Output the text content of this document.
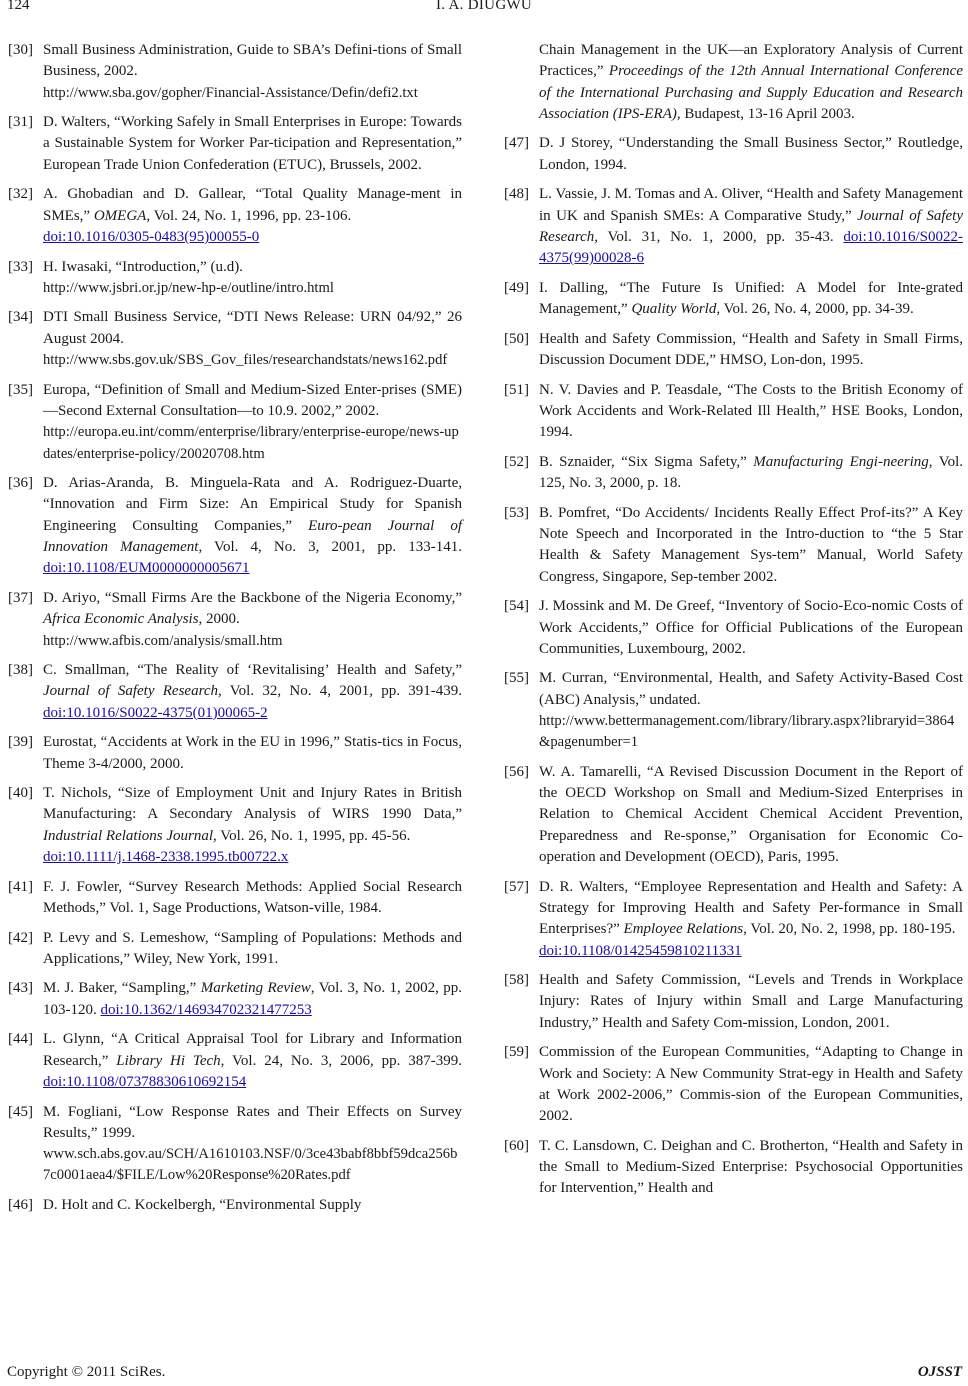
124	I. A. DIUGWU
[30] Small Business Administration, Guide to SBA’s Defini-tions of Small Business, 2002.
http://www.sba.gov/gopher/Financial-Assistance/Defin/defi2.txt
[31] D. Walters, “Working Safely in Small Enterprises in Europe: Towards a Sustainable System for Worker Par-ticipation and Representation,” European Trade Union Confederation (ETUC), Brussels, 2002.
[32] A. Ghobadian and D. Gallear, “Total Quality Manage-ment in SMEs,” OMEGA, Vol. 24, No. 1, 1996, pp. 23-106.
doi:10.1016/0305-0483(95)00055-0
[33] H. Iwasaki, “Introduction,” (u.d).
http://www.jsbri.or.jp/new-hp-e/outline/intro.html
[34] DTI Small Business Service, “DTI News Release: URN 04/92,” 26 August 2004.
http://www.sbs.gov.uk/SBS_Gov_files/researchandstats/news162.pdf
[35] Europa, “Definition of Small and Medium-Sized Enter-prises (SME)—Second External Consultation—to 10.9. 2002,” 2002.
http://europa.eu.int/comm/enterprise/library/enterprise-europe/news-updates/enterprise-policy/20020708.htm
[36] D. Arias-Aranda, B. Minguela-Rata and A. Rodriguez-Duarte, “Innovation and Firm Size: An Empirical Study for Spanish Engineering Consulting Companies,” Euro-pean Journal of Innovation Management, Vol. 4, No. 3, 2001, pp. 133-141. doi:10.1108/EUM0000000005671
[37] D. Ariyo, “Small Firms Are the Backbone of the Nigeria Economy,” Africa Economic Analysis, 2000.
http://www.afbis.com/analysis/small.htm
[38] C. Smallman, “The Reality of ‘Revitalising’ Health and Safety,” Journal of Safety Research, Vol. 32, No. 4, 2001, pp. 391-439. doi:10.1016/S0022-4375(01)00065-2
[39] Eurostat, “Accidents at Work in the EU in 1996,” Statis-tics in Focus, Theme 3-4/2000, 2000.
[40] T. Nichols, “Size of Employment Unit and Injury Rates in British Manufacturing: A Secondary Analysis of WIRS 1990 Data,” Industrial Relations Journal, Vol. 26, No. 1, 1995, pp. 45-56.
doi:10.1111/j.1468-2338.1995.tb00722.x
[41] F. J. Fowler, “Survey Research Methods: Applied Social Research Methods,” Vol. 1, Sage Productions, Watson-ville, 1984.
[42] P. Levy and S. Lemeshow, “Sampling of Populations: Methods and Applications,” Wiley, New York, 1991.
[43] M. J. Baker, “Sampling,” Marketing Review, Vol. 3, No. 1, 2002, pp. 103-120. doi:10.1362/146934702321477253
[44] L. Glynn, “A Critical Appraisal Tool for Library and Information Research,” Library Hi Tech, Vol. 24, No. 3, 2006, pp. 387-399. doi:10.1108/07378830610692154
[45] M. Fogliani, “Low Response Rates and Their Effects on Survey Results,” 1999.
www.sch.abs.gov.au/SCH/A1610103.NSF/0/3ce43babf8bbf59dca256b7c0001aea4/$FILE/Low%20Response%20Rates.pdf
[46] D. Holt and C. Kockelbergh, “Environmental Supply
Chain Management in the UK—an Exploratory Analysis of Current Practices,” Proceedings of the 12th Annual International Conference of the International Purchasing and Supply Education and Research Association (IPS-ERA), Budapest, 13-16 April 2003.
[47] D. J Storey, “Understanding the Small Business Sector,” Routledge, London, 1994.
[48] L. Vassie, J. M. Tomas and A. Oliver, “Health and Safety Management in UK and Spanish SMEs: A Comparative Study,” Journal of Safety Research, Vol. 31, No. 1, 2000, pp. 35-43. doi:10.1016/S0022-4375(99)00028-6
[49] I. Dalling, “The Future Is Unified: A Model for Inte-grated Management,” Quality World, Vol. 26, No. 4, 2000, pp. 34-39.
[50] Health and Safety Commission, “Health and Safety in Small Firms, Discussion Document DDE,” HMSO, Lon-don, 1995.
[51] N. V. Davies and P. Teasdale, “The Costs to the British Economy of Work Accidents and Work-Related Ill Health,” HSE Books, London, 1994.
[52] B. Sznaider, “Six Sigma Safety,” Manufacturing Engi-neering, Vol. 125, No. 3, 2000, p. 18.
[53] B. Pomfret, “Do Accidents/ Incidents Really Effect Prof-its?” A Key Note Speech and Incorporated in the Intro-duction to “the 5 Star Health & Safety Management Sys-tem” Manual, World Safety Congress, Singapore, Sep-tember 2002.
[54] J. Mossink and M. De Greef, “Inventory of Socio-Eco-nomic Costs of Work Accidents,” Office for Official Publications of the European Communities, Luxembourg, 2002.
[55] M. Curran, “Environmental, Health, and Safety Activity-Based Cost (ABC) Analysis,” undated.
http://www.bettermanagement.com/library/library.aspx?libraryid=3864&pagenumber=1
[56] W. A. Tamarelli, “A Revised Discussion Document in the Report of the OECD Workshop on Small and Medium-Sized Enterprises in Relation to Chemical Accident Chemical Accident Prevention, Preparedness and Re-sponse,” Organisation for Economic Co-operation and Development (OECD), Paris, 1995.
[57] D. R. Walters, “Employee Representation and Health and Safety: A Strategy for Improving Health and Safety Per-formance in Small Enterprises?” Employee Relations, Vol. 20, No. 2, 1998, pp. 180-195.
doi:10.1108/01425459810211331
[58] Health and Safety Commission, “Levels and Trends in Workplace Injury: Rates of Injury within Small and Large Manufacturing Industry,” Health and Safety Com-mission, London, 2001.
[59] Commission of the European Communities, “Adapting to Change in Work and Society: A New Community Strat-egy in Health and Safety at Work 2002-2006,” Commis-sion of the European Communities, 2002.
[60] T. C. Lansdown, C. Deighan and C. Brotherton, “Health and Safety in the Small to Medium-Sized Enterprise: Psychosocial Opportunities for Intervention,” Health and
Copyright © 2011 SciRes.	OJSST
